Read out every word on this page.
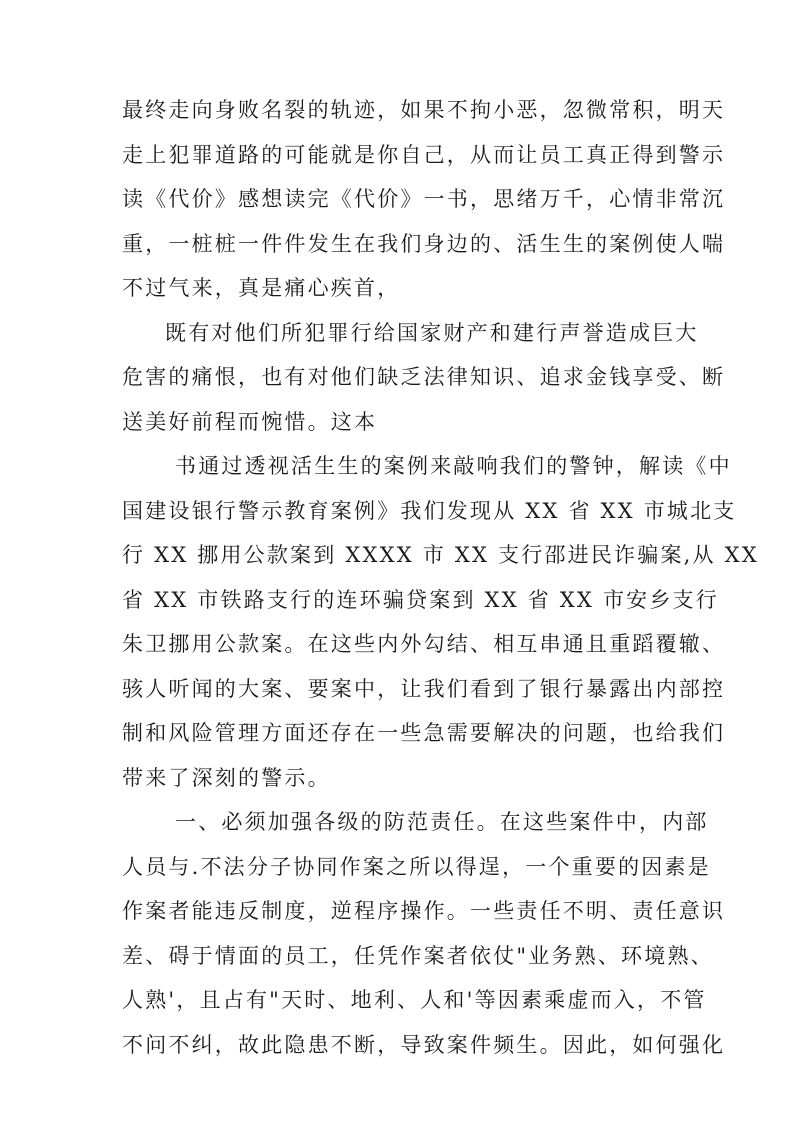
最终走向身败名裂的轨迹，如果不拘小恶，忽微常积，明天
走上犯罪道路的可能就是你自己，从而让员工真正得到警示
读《代价》感想读完《代价》一书，思绪万千，心情非常沉
重，一桩桩一件件发生在我们身边的、活生生的案例使人喘
不过气来，真是痛心疾首，
既有对他们所犯罪行给国家财产和建行声誉造成巨大
危害的痛恨，也有对他们缺乏法律知识、追求金钱享受、断
送美好前程而惋惜。这本
书通过透视活生生的案例来敲响我们的警钟，解读《中
国建设银行警示教育案例》我们发现从 XX 省 XX 市城北支
行 XX 挪用公款案到 XXXX 市 XX 支行邵进民诈骗案,从 XX
省 XX 市铁路支行的连环骗贷案到 XX 省 XX 市安乡支行
朱卫挪用公款案。在这些内外勾结、相互串通且重蹈覆辙、
骇人听闻的大案、要案中，让我们看到了银行暴露出内部控
制和风险管理方面还存在一些急需要解决的问题，也给我们
带来了深刻的警示。
一、必须加强各级的防范责任。在这些案件中，内部
人员与.不法分子协同作案之所以得逞，一个重要的因素是
作案者能违反制度，逆程序操作。一些责任不明、责任意识
差、碍于情面的员工，任凭作案者依仗"业务熟、环境熟、
人熟'，且占有"天时、地利、人和'等因素乘虚而入，不管
不问不纠，故此隐患不断，导致案件频生。因此，如何强化
